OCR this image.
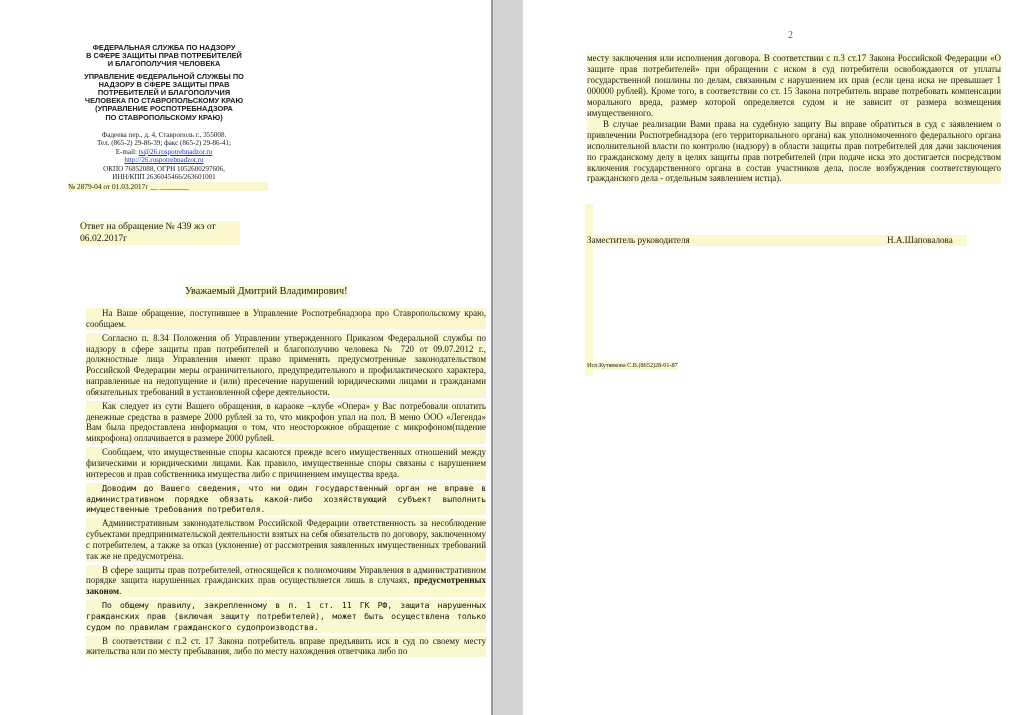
ФЕДЕРАЛЬНАЯ СЛУЖБА ПО НАДЗОРУ
В СФЕРЕ ЗАЩИТЫ ПРАВ ПОТРЕБИТЕЛЕЙ
И БЛАГОПОЛУЧИЯ ЧЕЛОВЕКА
УПРАВЛЕНИЕ ФЕДЕРАЛЬНОЙ СЛУЖБЫ ПО
НАДЗОРУ В СФЕРЕ ЗАЩИТЫ ПРАВ
ПОТРЕБИТЕЛЕЙ И БЛАГОПОЛУЧИЯ
ЧЕЛОВЕКА ПО СТАВРОПОЛЬСКОМУ КРАЮ
(УПРАВЛЕНИЕ РОСПОТРЕБНАДЗОРА
ПО СТАВРОПОЛЬСКОМУ КРАЮ)
Фадеева пер., д. 4, Ставрополь г., 355008.
Тел. (865-2) 29-86-39; факс (865-2) 29-86-41;
E-mail: ts@26.rospotrebnadzor.ru
http://26.rospotrebnadzor.ru
ОКПО 76852088, ОГРН 1052600297606,
ИНН/КПП 2636045466/263601001
№ 2879-04 от 01.03.2017г __ ________
Ответ на обращение № 439 жз от 06.02.2017г
Уважаемый Дмитрий Владимирович!

На Ваше обращение, поступившее в Управление Роспотребнадзора про Ставропольскому краю, сообщаем.

Согласно п. 8.34 Положения об Управлении утвержденного Приказом Федеральной службы по надзору в сфере защиты прав потребителей и благополучию человека № 720 от 09.07.2012 г., должностные лица Управления имеют право применять предусмотренные законодательством Российской Федерации меры ограничительного, предупредительного и профилактического характера, направленные на недопущение и (или) пресечение нарушений юридическими лицами и гражданами обязательных требований в установленной сфере деятельности.

Как следует из сути Вашего обращения, в караоке –клубе «Опера» у Вас потребовали оплатить денежные средства в размере 2000 рублей за то, что микрофон упал на пол. В меню ООО «Легенда» Вам была предоставлена информация о том, что неосторожное обращение с микрофоном(падение микрофона) оплачивается в размере 2000 рублей.

Сообщаем, что имущественные споры касаются прежде всего имущественных отношений между физическими и юридическими лицами. Как правило, имущественные споры связаны с нарушением интересов и прав собственника имущества либо с причинением имущества вреда.

Доводим до Вашего сведения, что ни один государственный орган не вправе в административном порядке обязать какой-либо хозяйствующий субъект выполнить имущественные требования потребителя.

Административным законодательством Российской Федерации ответственность за несоблюдение субъектами предпринимательской деятельности взятых на себя обязательств по договору, заключенному с потребителем, а также за отказ (уклонение) от рассмотрения заявленных имущественных требований так же не предусмотрена.

В сфере защиты прав потребителей, относящейся к полномочиям Управления в административном порядке защита нарушенных гражданских прав осуществляется лишь в случаях, предусмотренных законом.

По общему правилу, закрепленному в п. 1 ст. 11 ГК РФ, защита нарушенных гражданских прав (включая защиту потребителей), может быть осуществлена только судом по правилам гражданского судопроизводства.

В соответствии с п.2 ст. 17 Закона потребитель вправе предъявить иск в суд по своему месту жительства или по месту пребывания, либо по месту нахождения ответчика либо по

2

месту заключения или исполнения договора. В соответствии с п.3 ст.17 Закона Российской Федерации «О защите прав потребителей» при обращении с иском в суд потребители освобождаются от уплаты государственной пошлины по делам, связанным с нарушением их прав (если цена иска не превышает 1 000000 рублей). Кроме того, в соответствии со ст. 15 Закона потребитель вправе потребовать компенсации морального вреда, размер которой определяется судом и не зависит от размера возмещения имущественного.

В случае реализации Вами права на судебную защиту Вы вправе обратиться в суд с заявлением о привлечении Роспотребнадзора (его территориального органа) как уполномоченного федерального органа исполнительной власти по контролю (надзору) в области защиты прав потребителей для дачи заключения по гражданскому делу в целях защиты прав потребителей (при подаче иска это достигается посредством включения государственного органа в состав участников дела, после возбуждения соответствующего гражданского дела - отдельным заявлением истца).

Заместитель руководителя	Н.А.Шаповалова
Исп.Кутявкова С.В.(8652)28-01-87
